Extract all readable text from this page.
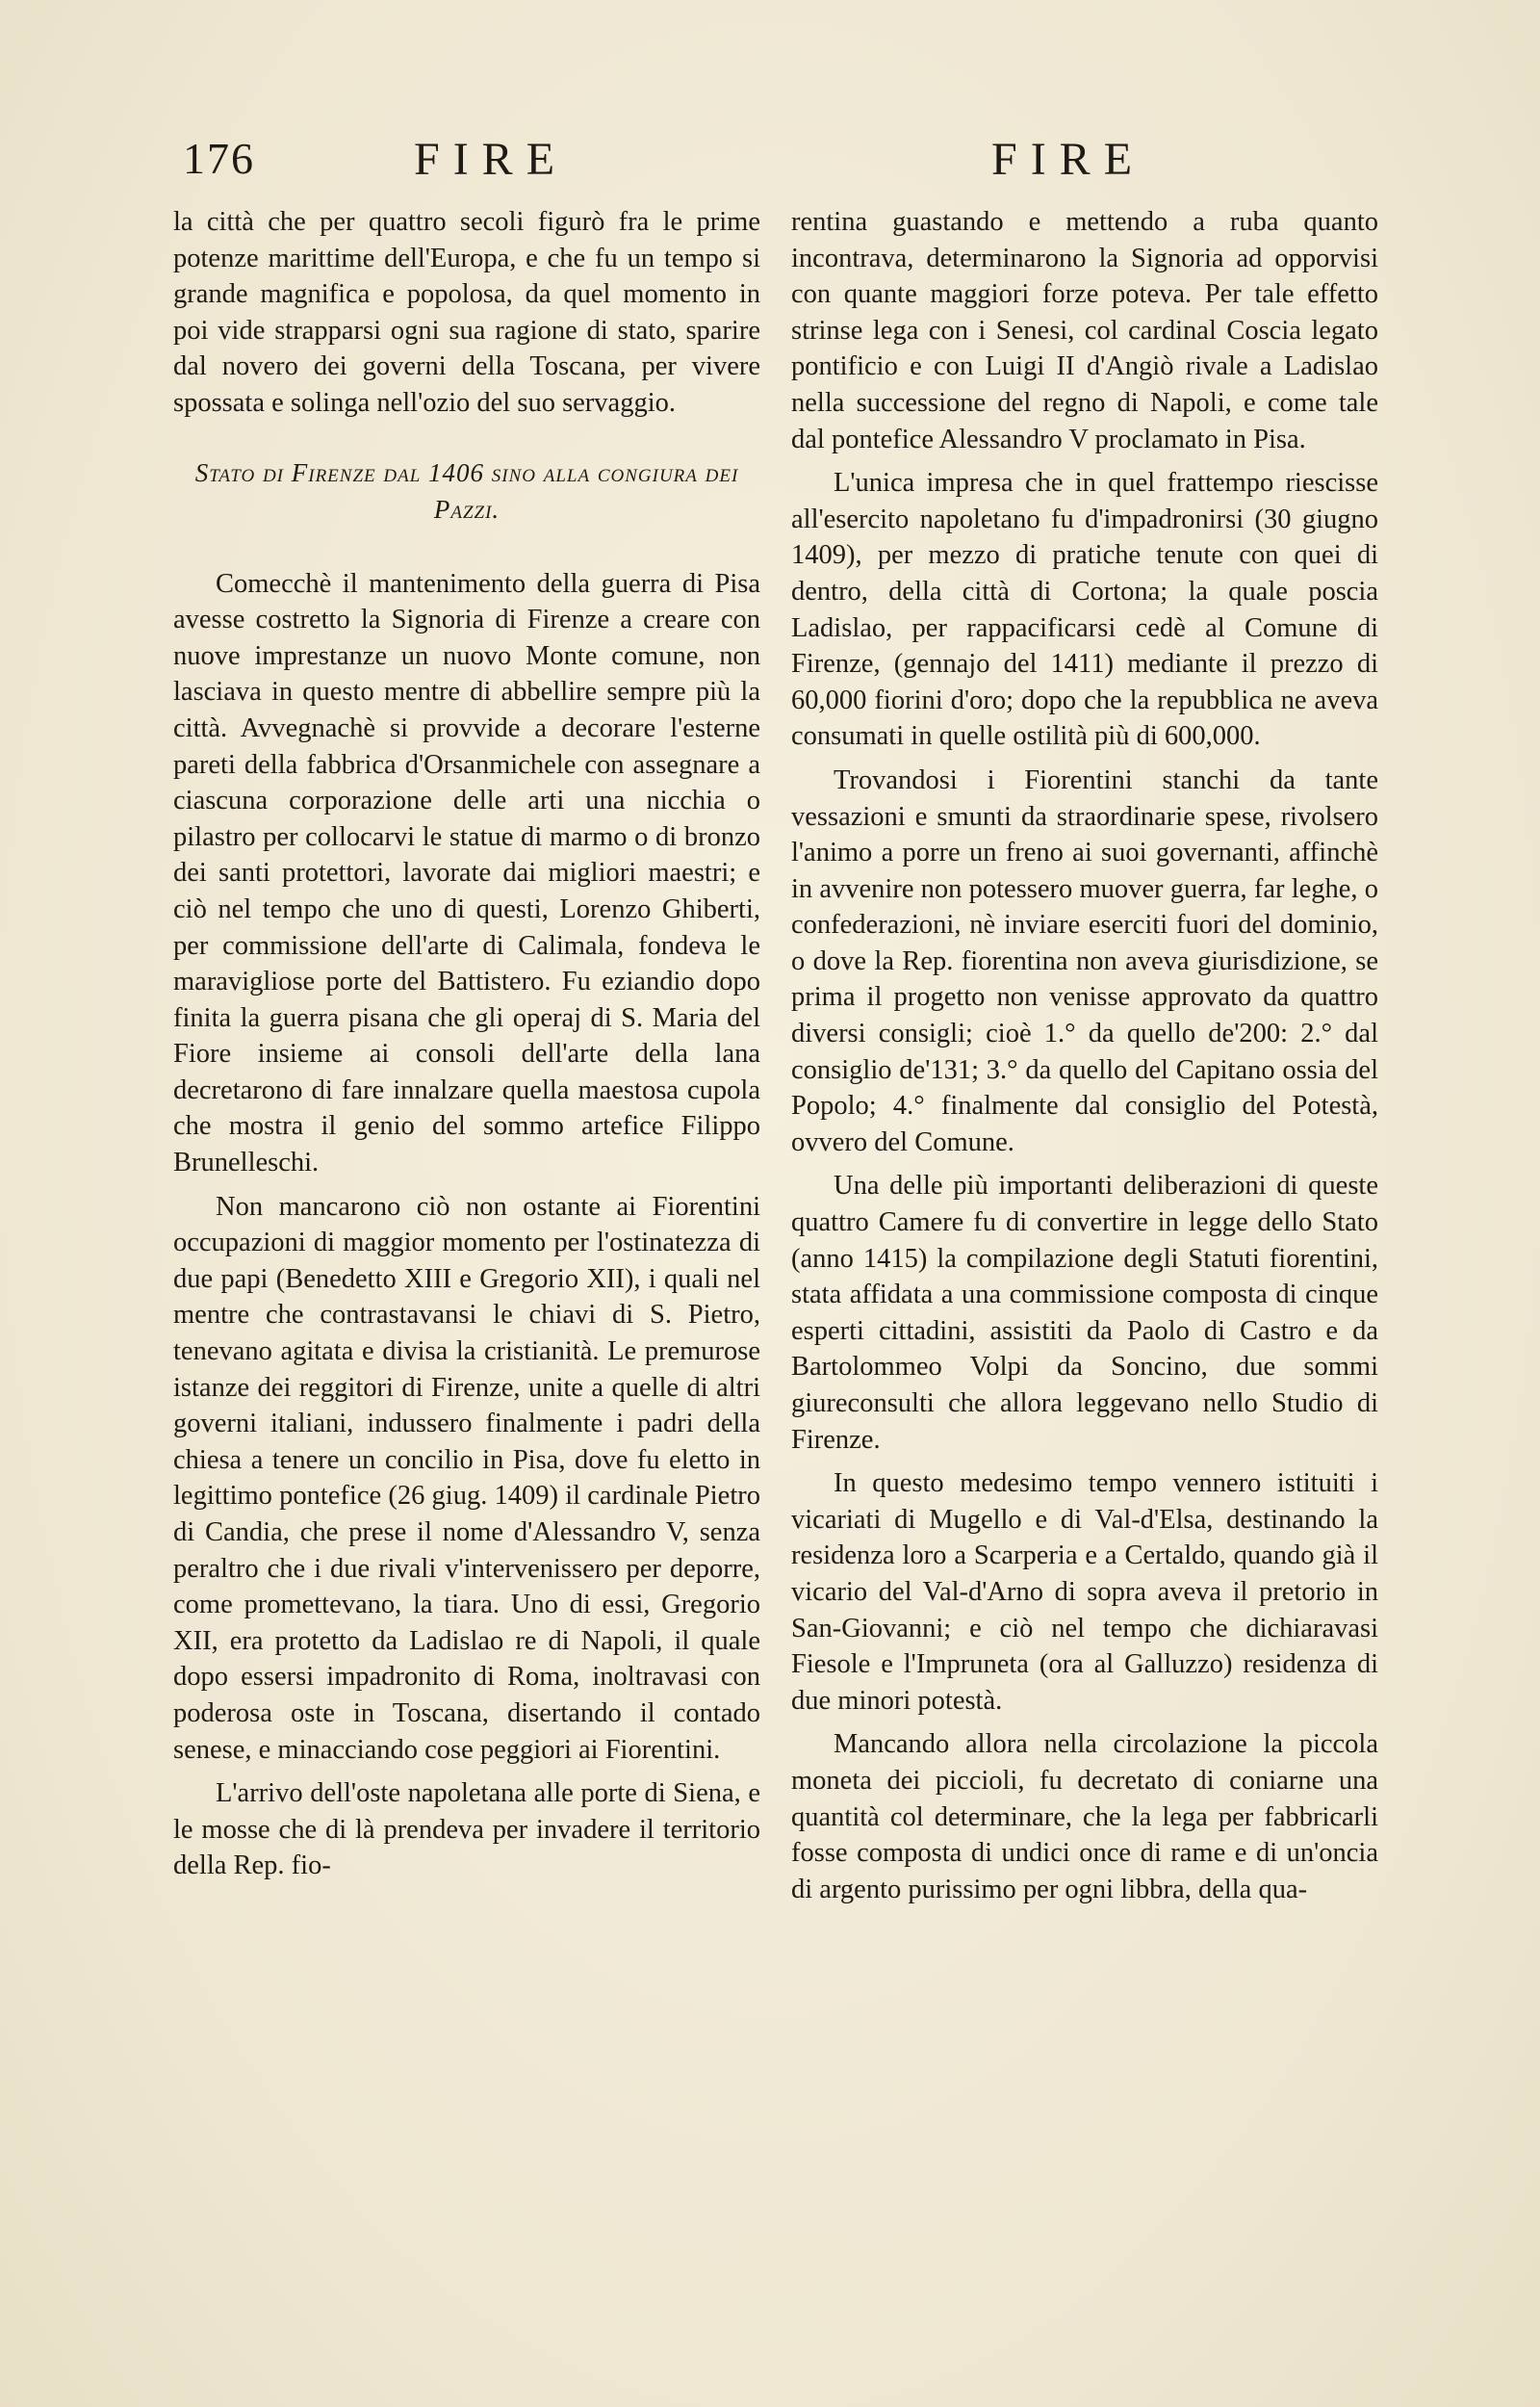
176	FIRE	FIRE

la città che per quattro secoli figurò fra le prime potenze marittime dell'Europa, e che fu un tempo si grande magnifica e popolosa, da quel momento in poi vide strapparsi ogni sua ragione di stato, sparire dal novero dei governi della Toscana, per vivere spossata e solinga nell'ozio del suo servaggio.

Stato di Firenze dal 1406 sino alla congiura dei Pazzi.

Comecchè il mantenimento della guerra di Pisa avesse costretto la Signoria di Firenze a creare con nuove imprestanze un nuovo Monte comune, non lasciava in questo mentre di abbellire sempre più la città. Avvegnachè si provvide a decorare l'esterne pareti della fabbrica d'Orsanmichele con assegnare a ciascuna corporazione delle arti una nicchia o pilastro per collocarvi le statue di marmo o di bronzo dei santi protettori, lavorate dai migliori maestri; e ciò nel tempo che uno di questi, Lorenzo Ghiberti, per commissione dell'arte di Calimala, fondeva le maravigliose porte del Battistero. Fu eziandio dopo finita la guerra pisana che gli operaj di S. Maria del Fiore insieme ai consoli dell'arte della lana decretarono di fare innalzare quella maestosa cupola che mostra il genio del sommo artefice Filippo Brunelleschi.

Non mancarono ciò non ostante ai Fiorentini occupazioni di maggior momento per l'ostinatezza di due papi (Benedetto XIII e Gregorio XII), i quali nel mentre che contrastavansi le chiavi di S. Pietro, tenevano agitata e divisa la cristianità. Le premurose istanze dei reggitori di Firenze, unite a quelle di altri governi italiani, indussero finalmente i padri della chiesa a tenere un concilio in Pisa, dove fu eletto in legittimo pontefice (26 giug. 1409) il cardinale Pietro di Candia, che prese il nome d'Alessandro V, senza peraltro che i due rivali v'intervenissero per deporre, come promettevano, la tiara. Uno di essi, Gregorio XII, era protetto da Ladislao re di Napoli, il quale dopo essersi impadronito di Roma, inoltravasi con poderosa oste in Toscana, disertando il contado senese, e minacciando cose peggiori ai Fiorentini.

L'arrivo dell'oste napoletana alle porte di Siena, e le mosse che di là prendeva per invadere il territorio della Rep. fio-

rentina guastando e mettendo a ruba quanto incontrava, determinarono la Signoria ad opporvisi con quante maggiori forze poteva. Per tale effetto strinse lega con i Senesi, col cardinal Coscia legato pontificio e con Luigi II d'Angiò rivale a Ladislao nella successione del regno di Napoli, e come tale dal pontefice Alessandro V proclamato in Pisa.

L'unica impresa che in quel frattempo riescisse all'esercito napoletano fu d'impadronirsi (30 giugno 1409), per mezzo di pratiche tenute con quei di dentro, della città di Cortona; la quale poscia Ladislao, per rappacificarsi cedè al Comune di Firenze, (gennajo del 1411) mediante il prezzo di 60,000 fiorini d'oro; dopo che la repubblica ne aveva consumati in quelle ostilità più di 600,000.

Trovandosi i Fiorentini stanchi da tante vessazioni e smunti da straordinarie spese, rivolsero l'animo a porre un freno ai suoi governanti, affinchè in avvenire non potessero muover guerra, far leghe, o confederazioni, nè inviare eserciti fuori del dominio, o dove la Rep. fiorentina non aveva giurisdizione, se prima il progetto non venisse approvato da quattro diversi consigli; cioè 1.° da quello de'200: 2.° dal consiglio de'131; 3.° da quello del Capitano ossia del Popolo; 4.° finalmente dal consiglio del Potestà, ovvero del Comune.

Una delle più importanti deliberazioni di queste quattro Camere fu di convertire in legge dello Stato (anno 1415) la compilazione degli Statuti fiorentini, stata affidata a una commissione composta di cinque esperti cittadini, assistiti da Paolo di Castro e da Bartolommeo Volpi da Soncino, due sommi giureconsulti che allora leggevano nello Studio di Firenze.

In questo medesimo tempo vennero istituiti i vicariati di Mugello e di Val-d'Elsa, destinando la residenza loro a Scarperia e a Certaldo, quando già il vicario del Val-d'Arno di sopra aveva il pretorio in San-Giovanni; e ciò nel tempo che dichiaravasi Fiesole e l'Impruneta (ora al Galluzzo) residenza di due minori potestà.

Mancando allora nella circolazione la piccola moneta dei piccioli, fu decretato di coniarne una quantità col determinare, che la lega per fabbricarli fosse composta di undici once di rame e di un'oncia di argento purissimo per ogni libbra, della qua-
